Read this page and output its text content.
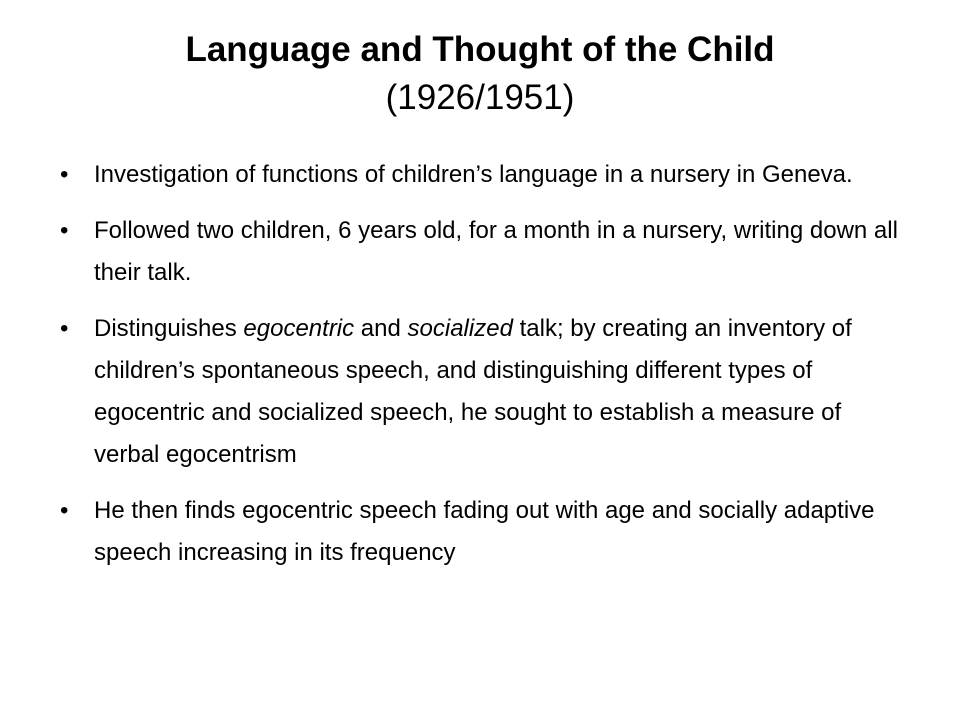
Language and Thought of the Child
(1926/1951)
•	Investigation of functions of children’s language in a nursery in Geneva.
•	Followed two children, 6 years old, for a month in a nursery, writing down all their talk.
•	Distinguishes egocentric and socialized talk; by creating an inventory of children’s spontaneous speech, and distinguishing different types of egocentric and socialized speech, he sought to establish a measure of verbal egocentrism
•	He then finds egocentric speech fading out with age and socially adaptive speech increasing in its frequency
